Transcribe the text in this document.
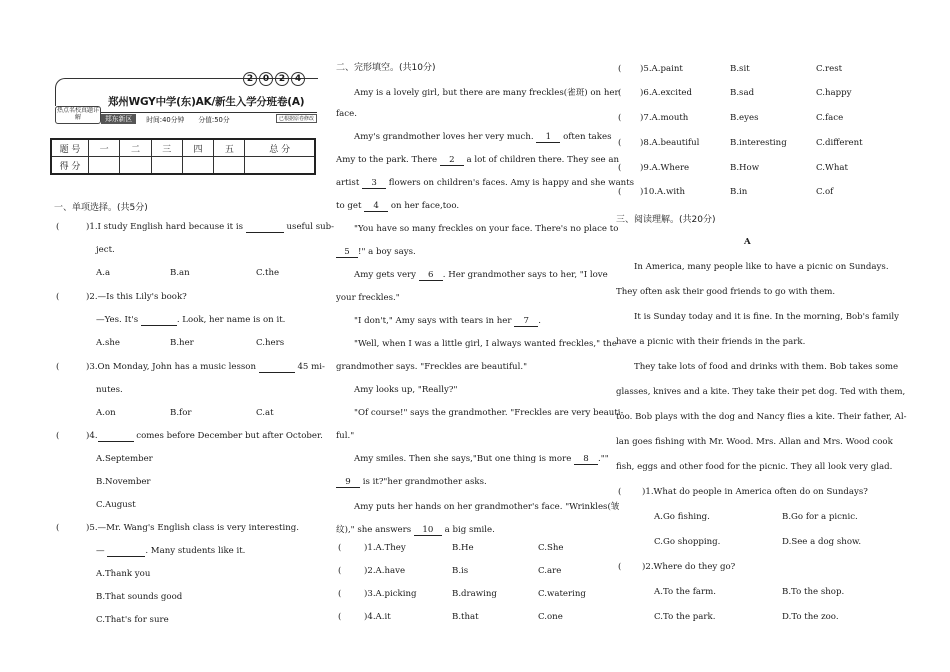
2	0	2	4
郑州WGY中学(东)AK/新生入学分班卷(A)
热点名校真题详解	郑东新区	时间:40分钟 分值:50分	已根据原卷修改
题 号	一	二	三	四	五	总 分
得 分						
一、单项选择。(共5分)
(	)1.I study English hard because it is	useful sub-
ject.
A.a	B.an	C.the
(	)2.—Is this Lily's book?
—Yes. It's	. Look, her name is on it.
A.she	B.her	C.hers
(	)3.On Monday, John has a music lesson	45 mi-
nutes.
A.on	B.for	C.at
(	)4.	comes before December but after October.
A.September
B.November
C.August
(	)5.—Mr. Wang's English class is very interesting.
—	. Many students like it.
A.Thank you
B.That sounds good
C.That's for sure
二、完形填空。(共10分)
Amy is a lovely girl, but there are many freckles(雀斑) on her
face.
Amy's grandmother loves her very much. 1 often takes
Amy to the park. There 2 a lot of children there. They see an
artist 3 flowers on children's faces. Amy is happy and she wants
to get 4 on her face,too.
"You have so many freckles on your face. There's no place to
5 !" a boy says.
Amy gets very 6 . Her grandmother says to her, "I love
your freckles."
"I don't," Amy says with tears in her 7 .
"Well, when I was a little girl, I always wanted freckles," the
grandmother says. "Freckles are beautiful."
Amy looks up, "Really?"
"Of course!" says the grandmother. "Freckles are very beauti-
ful."
Amy smiles. Then she says,"But one thing is more 8 .""
9 is it?"her grandmother asks.
Amy puts her hands on her grandmother's face. "Wrinkles(皱
纹)," she answers 10 a big smile.
(	)1.A.They	B.He	C.She
(	)2.A.have	B.is	C.are
(	)3.A.picking	B.drawing	C.watering
(	)4.A.it	B.that	C.one
( )5.A.paint	B.sit	C.rest
( )6.A.excited	B.sad	C.happy
( )7.A.mouth	B.eyes	C.face
( )8.A.beautiful	B.interesting	C.different
( )9.A.Where	B.How	C.What
( )10.A.with	B.in	C.of
三、阅读理解。(共20分)
A
In America, many people like to have a picnic on Sundays.
They often ask their good friends to go with them.
It is Sunday today and it is fine. In the morning, Bob's family
have a picnic with their friends in the park.
They take lots of food and drinks with them. Bob takes some
glasses, knives and a kite. They take their pet dog. Ted with them,
too. Bob plays with the dog and Nancy flies a kite. Their father, Al-
lan goes fishing with Mr. Wood. Mrs. Allan and Mrs. Wood cook
fish, eggs and other food for the picnic. They all look very glad.
( )1.What do people in America often do on Sundays?
A.Go fishing.	B.Go for a picnic.
C.Go shopping.	D.See a dog show.
( )2.Where do they go?
A.To the farm.	B.To the shop.
C.To the park.	D.To the zoo.
